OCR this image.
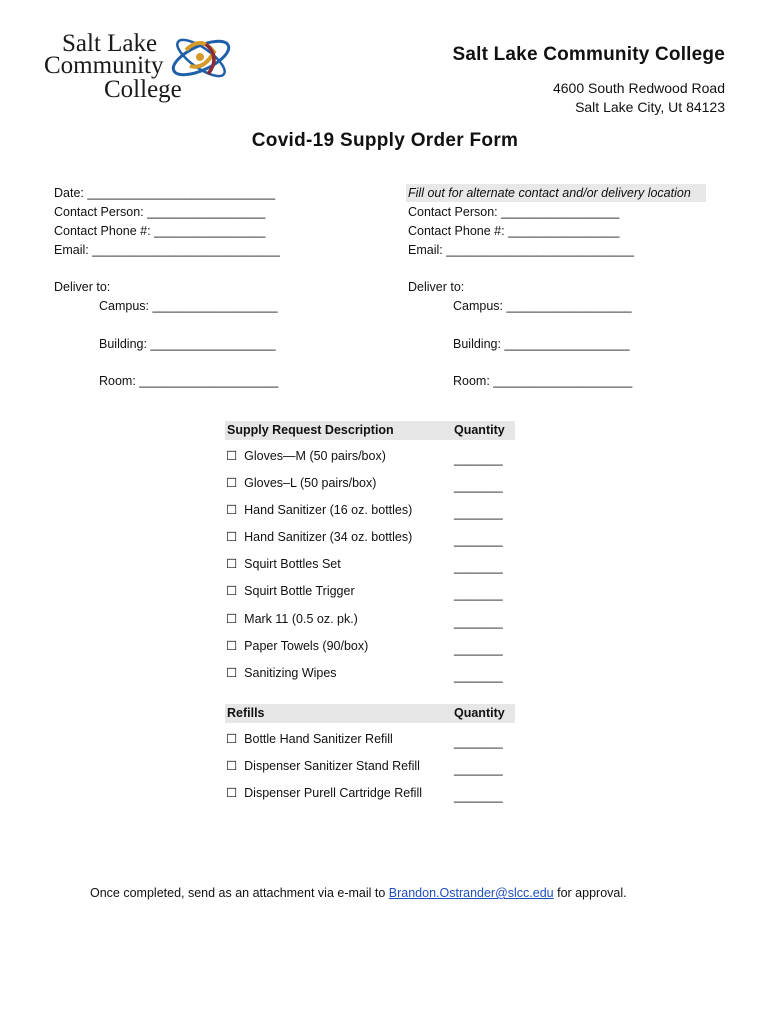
Salt Lake
Community
College
Salt Lake Community College
4600 South Redwood Road
Salt Lake City, Ut 84123
Covid-19 Supply Order Form
Date: ___________________________
Contact Person: _________________
Contact Phone #: ________________
Email: ___________________________
Deliver to:
Campus: __________________
Building: __________________
Room: ____________________
Fill out for alternate contact and/or delivery location
Contact Person: _________________
Contact Phone #: ________________
Email: ___________________________
Deliver to:
Campus: __________________
Building: __________________
Room: ____________________
Supply Request Description	Quantity
☐  Gloves—M (50 pairs/box)	_______
☐  Gloves–L (50 pairs/box)	_______
☐  Hand Sanitizer (16 oz. bottles)	_______
☐  Hand Sanitizer (34 oz. bottles)	_______
☐  Squirt Bottles Set	_______
☐  Squirt Bottle Trigger	_______
☐  Mark 11 (0.5 oz. pk.)	_______
☐  Paper Towels (90/box)	_______
☐  Sanitizing Wipes	_______
Refills	Quantity
☐  Bottle Hand Sanitizer Refill	_______
☐  Dispenser Sanitizer Stand Refill	_______
☐  Dispenser Purell Cartridge Refill	_______
Once completed, send as an attachment via e-mail to Brandon.Ostrander@slcc.edu for approval.
